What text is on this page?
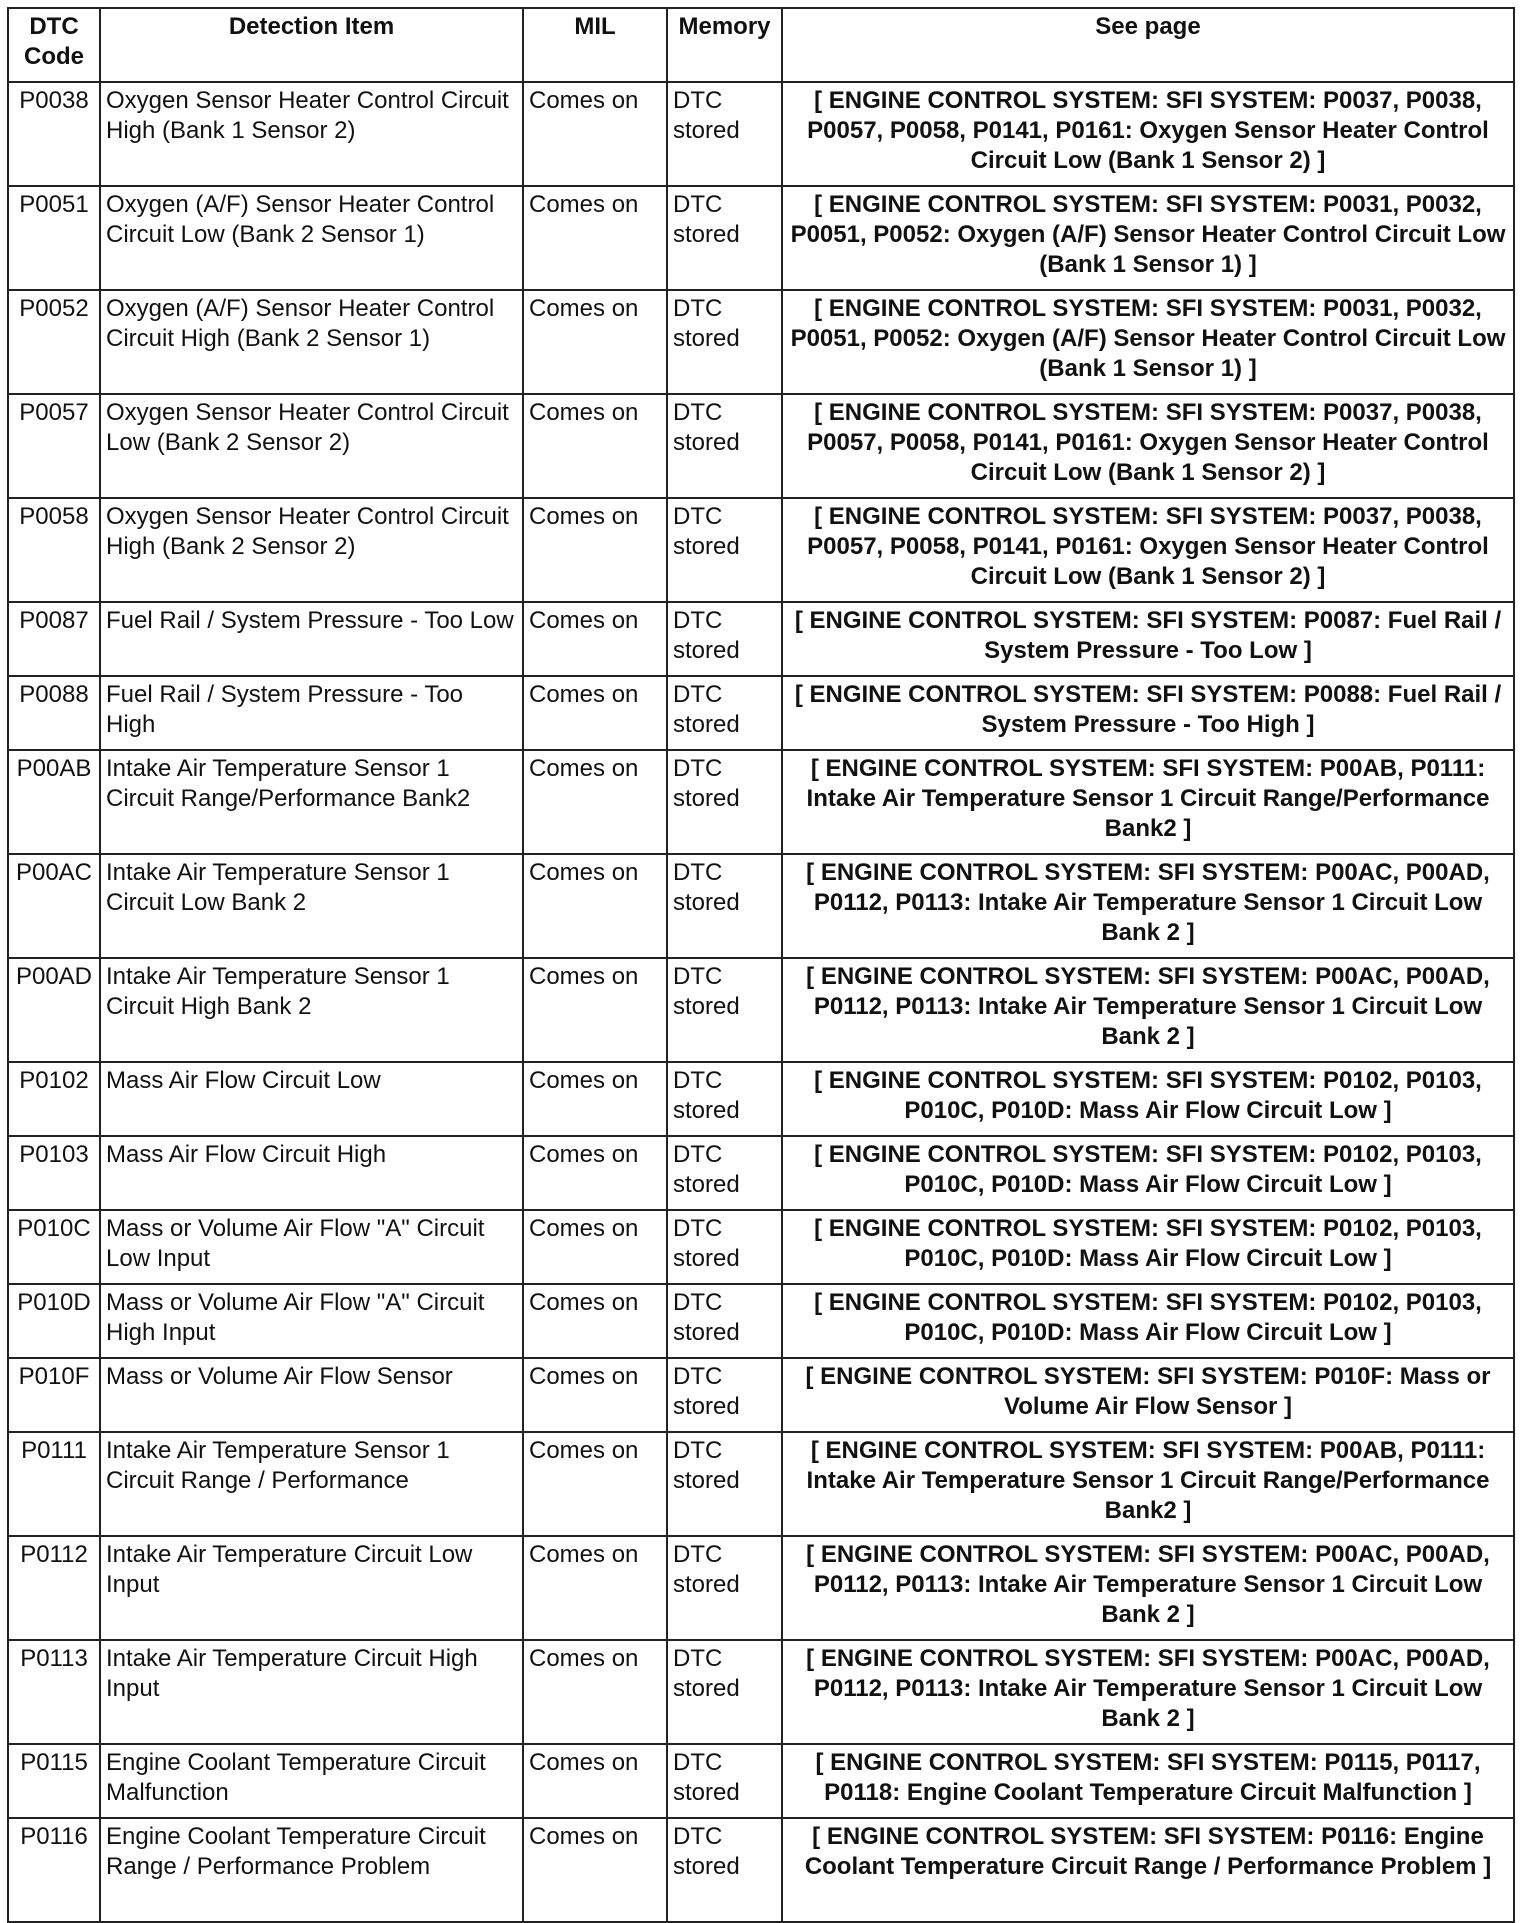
DTC Code	Detection Item	MIL	Memory	See page
P0038	Oxygen Sensor Heater Control Circuit High (Bank 1 Sensor 2)	Comes on	DTC stored	[ ENGINE CONTROL SYSTEM: SFI SYSTEM: P0037, P0038, P0057, P0058, P0141, P0161: Oxygen Sensor Heater Control Circuit Low (Bank 1 Sensor 2) ]
P0051	Oxygen (A/F) Sensor Heater Control Circuit Low (Bank 2 Sensor 1)	Comes on	DTC stored	[ ENGINE CONTROL SYSTEM: SFI SYSTEM: P0031, P0032, P0051, P0052: Oxygen (A/F) Sensor Heater Control Circuit Low (Bank 1 Sensor 1) ]
P0052	Oxygen (A/F) Sensor Heater Control Circuit High (Bank 2 Sensor 1)	Comes on	DTC stored	[ ENGINE CONTROL SYSTEM: SFI SYSTEM: P0031, P0032, P0051, P0052: Oxygen (A/F) Sensor Heater Control Circuit Low (Bank 1 Sensor 1) ]
P0057	Oxygen Sensor Heater Control Circuit Low (Bank 2 Sensor 2)	Comes on	DTC stored	[ ENGINE CONTROL SYSTEM: SFI SYSTEM: P0037, P0038, P0057, P0058, P0141, P0161: Oxygen Sensor Heater Control Circuit Low (Bank 1 Sensor 2) ]
P0058	Oxygen Sensor Heater Control Circuit High (Bank 2 Sensor 2)	Comes on	DTC stored	[ ENGINE CONTROL SYSTEM: SFI SYSTEM: P0037, P0038, P0057, P0058, P0141, P0161: Oxygen Sensor Heater Control Circuit Low (Bank 1 Sensor 2) ]
P0087	Fuel Rail / System Pressure - Too Low	Comes on	DTC stored	[ ENGINE CONTROL SYSTEM: SFI SYSTEM: P0087: Fuel Rail / System Pressure - Too Low ]
P0088	Fuel Rail / System Pressure - Too High	Comes on	DTC stored	[ ENGINE CONTROL SYSTEM: SFI SYSTEM: P0088: Fuel Rail / System Pressure - Too High ]
P00AB	Intake Air Temperature Sensor 1 Circuit Range/Performance Bank2	Comes on	DTC stored	[ ENGINE CONTROL SYSTEM: SFI SYSTEM: P00AB, P0111: Intake Air Temperature Sensor 1 Circuit Range/Performance Bank2 ]
P00AC	Intake Air Temperature Sensor 1 Circuit Low Bank 2	Comes on	DTC stored	[ ENGINE CONTROL SYSTEM: SFI SYSTEM: P00AC, P00AD, P0112, P0113: Intake Air Temperature Sensor 1 Circuit Low Bank 2 ]
P00AD	Intake Air Temperature Sensor 1 Circuit High Bank 2	Comes on	DTC stored	[ ENGINE CONTROL SYSTEM: SFI SYSTEM: P00AC, P00AD, P0112, P0113: Intake Air Temperature Sensor 1 Circuit Low Bank 2 ]
P0102	Mass Air Flow Circuit Low	Comes on	DTC stored	[ ENGINE CONTROL SYSTEM: SFI SYSTEM: P0102, P0103, P010C, P010D: Mass Air Flow Circuit Low ]
P0103	Mass Air Flow Circuit High	Comes on	DTC stored	[ ENGINE CONTROL SYSTEM: SFI SYSTEM: P0102, P0103, P010C, P010D: Mass Air Flow Circuit Low ]
P010C	Mass or Volume Air Flow "A" Circuit Low Input	Comes on	DTC stored	[ ENGINE CONTROL SYSTEM: SFI SYSTEM: P0102, P0103, P010C, P010D: Mass Air Flow Circuit Low ]
P010D	Mass or Volume Air Flow "A" Circuit High Input	Comes on	DTC stored	[ ENGINE CONTROL SYSTEM: SFI SYSTEM: P0102, P0103, P010C, P010D: Mass Air Flow Circuit Low ]
P010F	Mass or Volume Air Flow Sensor	Comes on	DTC stored	[ ENGINE CONTROL SYSTEM: SFI SYSTEM: P010F: Mass or Volume Air Flow Sensor ]
P0111	Intake Air Temperature Sensor 1 Circuit Range / Performance	Comes on	DTC stored	[ ENGINE CONTROL SYSTEM: SFI SYSTEM: P00AB, P0111: Intake Air Temperature Sensor 1 Circuit Range/Performance Bank2 ]
P0112	Intake Air Temperature Circuit Low Input	Comes on	DTC stored	[ ENGINE CONTROL SYSTEM: SFI SYSTEM: P00AC, P00AD, P0112, P0113: Intake Air Temperature Sensor 1 Circuit Low Bank 2 ]
P0113	Intake Air Temperature Circuit High Input	Comes on	DTC stored	[ ENGINE CONTROL SYSTEM: SFI SYSTEM: P00AC, P00AD, P0112, P0113: Intake Air Temperature Sensor 1 Circuit Low Bank 2 ]
P0115	Engine Coolant Temperature Circuit Malfunction	Comes on	DTC stored	[ ENGINE CONTROL SYSTEM: SFI SYSTEM: P0115, P0117, P0118: Engine Coolant Temperature Circuit Malfunction ]
P0116	Engine Coolant Temperature Circuit Range / Performance Problem	Comes on	DTC stored	[ ENGINE CONTROL SYSTEM: SFI SYSTEM: P0116: Engine Coolant Temperature Circuit Range / Performance Problem ]
